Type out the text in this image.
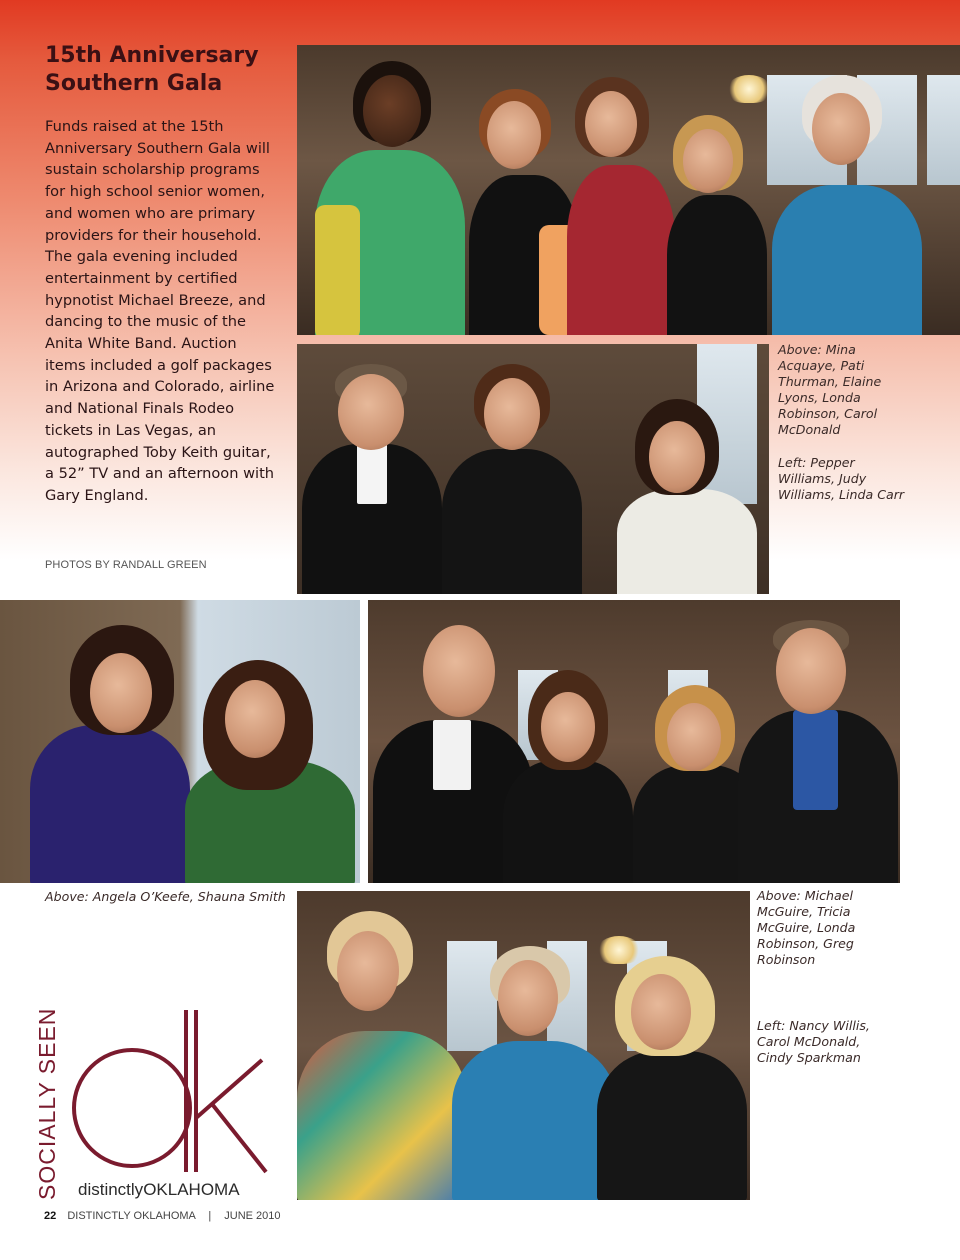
15th Anniversary
Southern Gala

Funds raised at the 15th Anniversary Southern Gala will sustain scholarship programs for high school senior women, and women who are primary providers for their household. The gala evening included entertainment by certified hypnotist Michael Breeze, and dancing to the music of the Anita White Band. Auction items included a golf packages in Arizona and Colorado, airline and National Finals Rodeo tickets in Las Vegas, an autographed Toby Keith guitar, a 52” TV and an afternoon with Gary England.

PHOTOS BY RANDALL GREEN
Above: Mina Acquaye, Pati Thurman, Elaine Lyons, Londa Robinson, Carol McDonald
Left: Pepper Williams, Judy Williams, Linda Carr
Above: Angela O’Keefe, Shauna Smith	Above: Michael McGuire, Tricia McGuire, Londa Robinson, Greg Robinson
Left: Nancy Willis, Carol McDonald, Cindy Sparkman
SOCIALLY SEEN distinctlyOKLAHOMA
22 DISTINCTLY OKLAHOMA | JUNE 2010
